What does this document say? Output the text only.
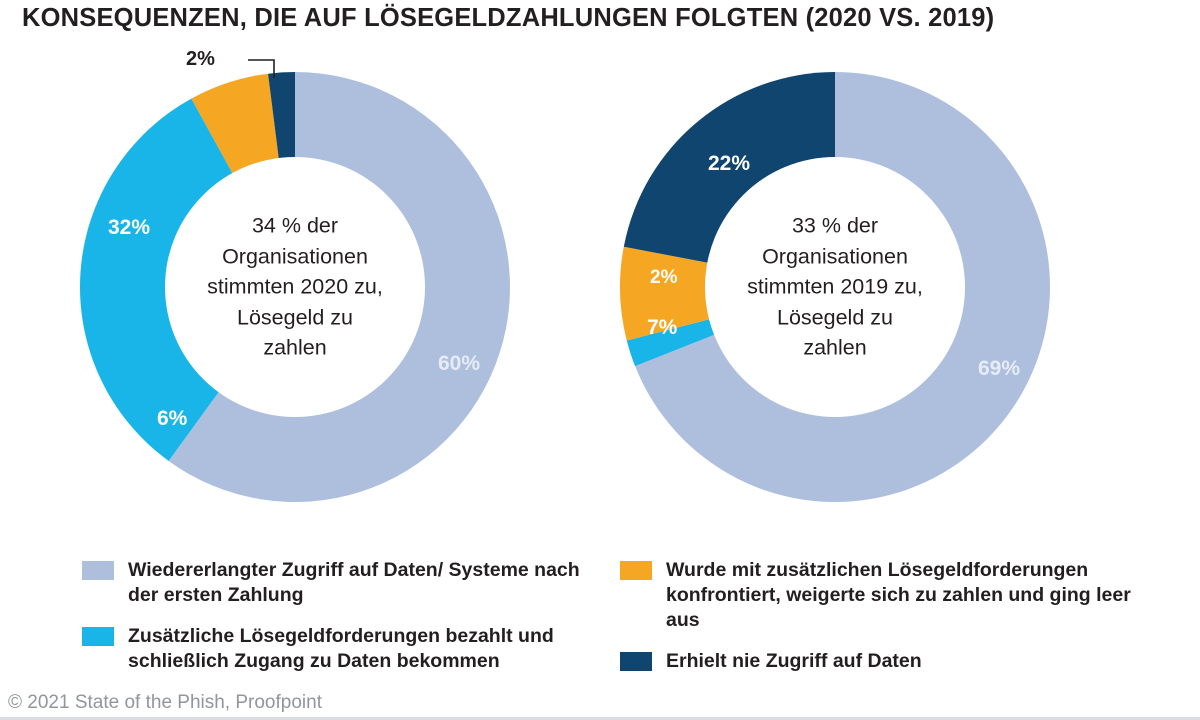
KONSEQUENZEN, DIE AUF LÖSEGELDZAHLUNGEN FOLGTEN (2020 VS. 2019)
34 % der
Organisationen
stimmten 2020 zu,
Lösegeld zu
zahlen
60%
32%
6%
2%
33 % der
Organisationen
stimmten 2019 zu,
Lösegeld zu
zahlen
69%
2%
7%
22%
Wiedererlangter Zugriff auf Daten/ Systeme nach der ersten Zahlung
Zusätzliche Lösegeldforderungen bezahlt und schließlich Zugang zu Daten bekommen
Wurde mit zusätzlichen Lösegeldforderungen konfrontiert, weigerte sich zu zahlen und ging leer aus
Erhielt nie Zugriff auf Daten
© 2021 State of the Phish, Proofpoint
